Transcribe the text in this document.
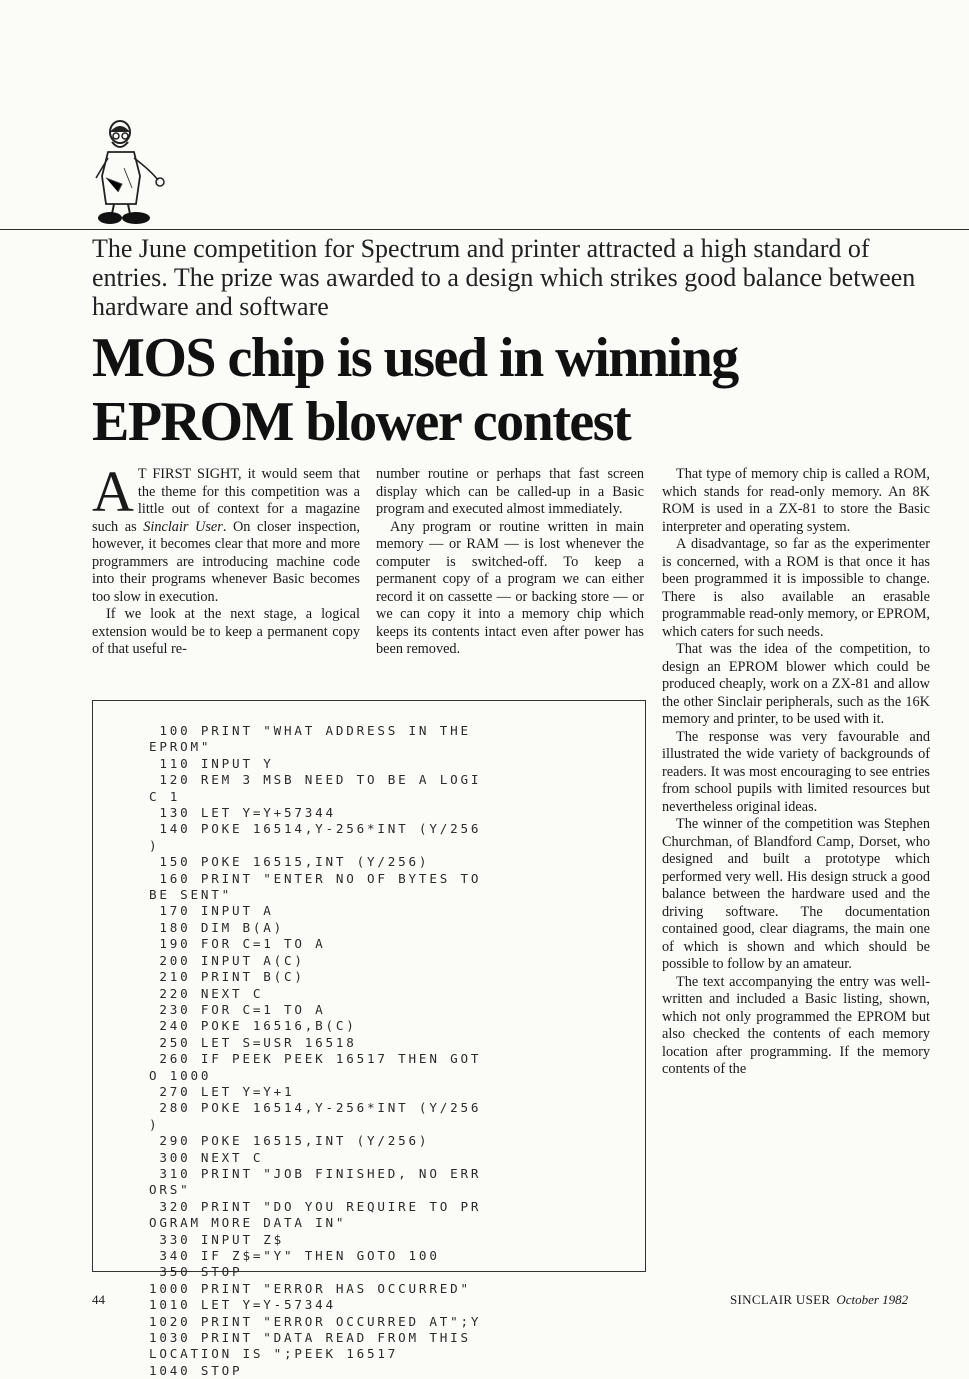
The June competition for Spectrum and printer attracted a high standard of entries. The prize was awarded to a design which strikes good balance between hardware and software

MOS chip is used in winning
EPROM blower contest

A T FIRST SIGHT, it would seem that the theme for this competition was a little out of context for a magazine such as Sinclair User. On closer inspection, however, it becomes clear that more and more programmers are introducing machine code into their programs whenever Basic becomes too slow in execution.

If we look at the next stage, a logical extension would be to keep a permanent copy of that useful re-

number routine or perhaps that fast screen display which can be called-up in a Basic program and executed almost immediately.

Any program or routine written in main memory — or RAM — is lost whenever the computer is switched-off. To keep a permanent copy of a program we can either record it on cassette — or backing store — or we can copy it into a memory chip which keeps its contents intact even after power has been removed.

That type of memory chip is called a ROM, which stands for read-only memory. An 8K ROM is used in a ZX-81 to store the Basic interpreter and operating system.

A disadvantage, so far as the experimenter is concerned, with a ROM is that once it has been programmed it is impossible to change. There is also available an erasable programmable read-only memory, or EPROM, which caters for such needs.

That was the idea of the competition, to design an EPROM blower which could be produced cheaply, work on a ZX-81 and allow the other Sinclair peripherals, such as the 16K memory and printer, to be used with it.

The response was very favourable and illustrated the wide variety of backgrounds of readers. It was most encouraging to see entries from school pupils with limited resources but nevertheless original ideas.

The winner of the competition was Stephen Churchman, of Blandford Camp, Dorset, who designed and built a prototype which performed very well. His design struck a good balance between the hardware used and the driving software. The documentation contained good, clear diagrams, the main one of which is shown and which should be possible to follow by an amateur.

The text accompanying the entry was well-written and included a Basic listing, shown, which not only programmed the EPROM but also checked the contents of each memory location after programming. If the memory contents of the

100 PRINT "WHAT ADDRESS IN THE
EPROM"
110 INPUT Y
120 REM 3 MSB NEED TO BE A LOGI
C 1
130 LET Y=Y+57344
140 POKE 16514,Y-256*INT (Y/256
)
150 POKE 16515,INT (Y/256)
160 PRINT "ENTER NO OF BYTES TO
BE SENT"
170 INPUT A
180 DIM B(A)
190 FOR C=1 TO A
200 INPUT A(C)
210 PRINT B(C)
220 NEXT C
230 FOR C=1 TO A
240 POKE 16516,B(C)
250 LET S=USR 16518
260 IF PEEK PEEK 16517 THEN GOT
O 1000
270 LET Y=Y+1
280 POKE 16514,Y-256*INT (Y/256
)
290 POKE 16515,INT (Y/256)
300 NEXT C
310 PRINT "JOB FINISHED, NO ERR
ORS"
320 PRINT "DO YOU REQUIRE TO PR
OGRAM MORE DATA IN"
330 INPUT Z$
340 IF Z$="Y" THEN GOTO 100
350 STOP
1000 PRINT "ERROR HAS OCCURRED"
1010 LET Y=Y-57344
1020 PRINT "ERROR OCCURRED AT";Y
1030 PRINT "DATA READ FROM THIS
LOCATION IS ";PEEK 16517
1040 STOP
44	SINCLAIR USER October 1982
